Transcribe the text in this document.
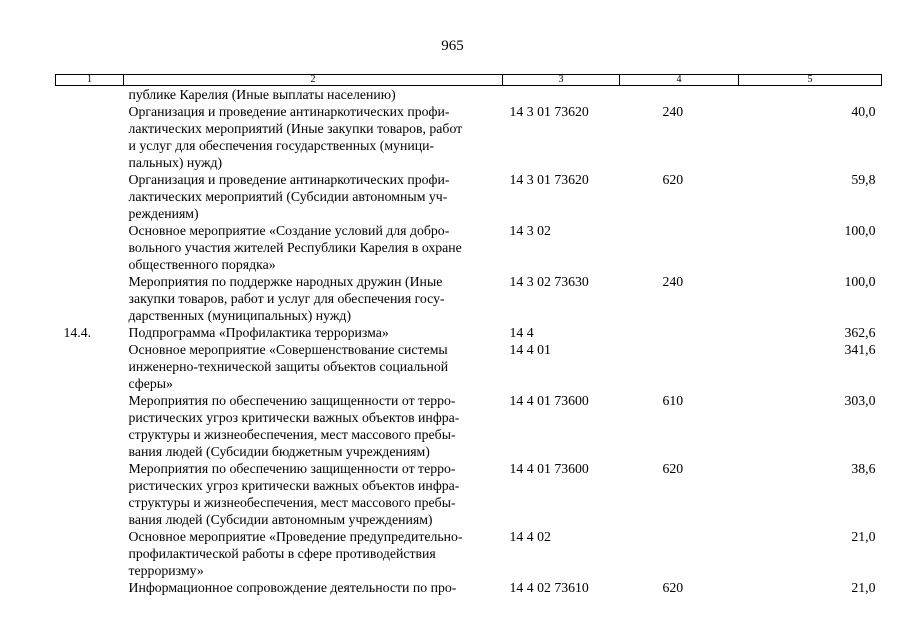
965
1	2	3	4	5

	публике Карелия (Иные выплаты населению)			

	Организация и проведение антинаркотических профи-
лактических мероприятий (Иные закупки товаров, работ
и услуг для обеспечения государственных (муници-
пальных) нужд)	14 3 01 73620	240	40,0

	Организация и проведение антинаркотических профи-
лактических мероприятий (Субсидии автономным уч-
реждениям)	14 3 01 73620	620	59,8

	Основное мероприятие «Создание условий для добро-
вольного участия жителей Республики Карелия в охране
общественного порядка»	14 3 02		100,0

	Мероприятия по поддержке народных дружин (Иные
закупки товаров, работ и услуг для обеспечения госу-
дарственных (муниципальных) нужд)	14 3 02 73630	240	100,0
14.4.	Подпрограмма «Профилактика терроризма»	14 4		362,6

	Основное мероприятие «Совершенствование системы
инженерно-технической защиты объектов социальной
сферы»	14 4 01		341,6

	Мероприятия по обеспечению защищенности от терро-
ристических угроз критически важных объектов инфра-
структуры и жизнеобеспечения, мест массового пребы-
вания людей (Субсидии бюджетным учреждениям)	14 4 01 73600	610	303,0

	Мероприятия по обеспечению защищенности от терро-
ристических угроз критически важных объектов инфра-
структуры и жизнеобеспечения, мест массового пребы-
вания людей (Субсидии автономным учреждениям)	14 4 01 73600	620	38,6

	Основное мероприятие «Проведение предупредительно-
профилактической работы в сфере противодействия
терроризму»	14 4 02		21,0

	Информационное сопровождение деятельности по про-	14 4 02 73610	620	21,0
